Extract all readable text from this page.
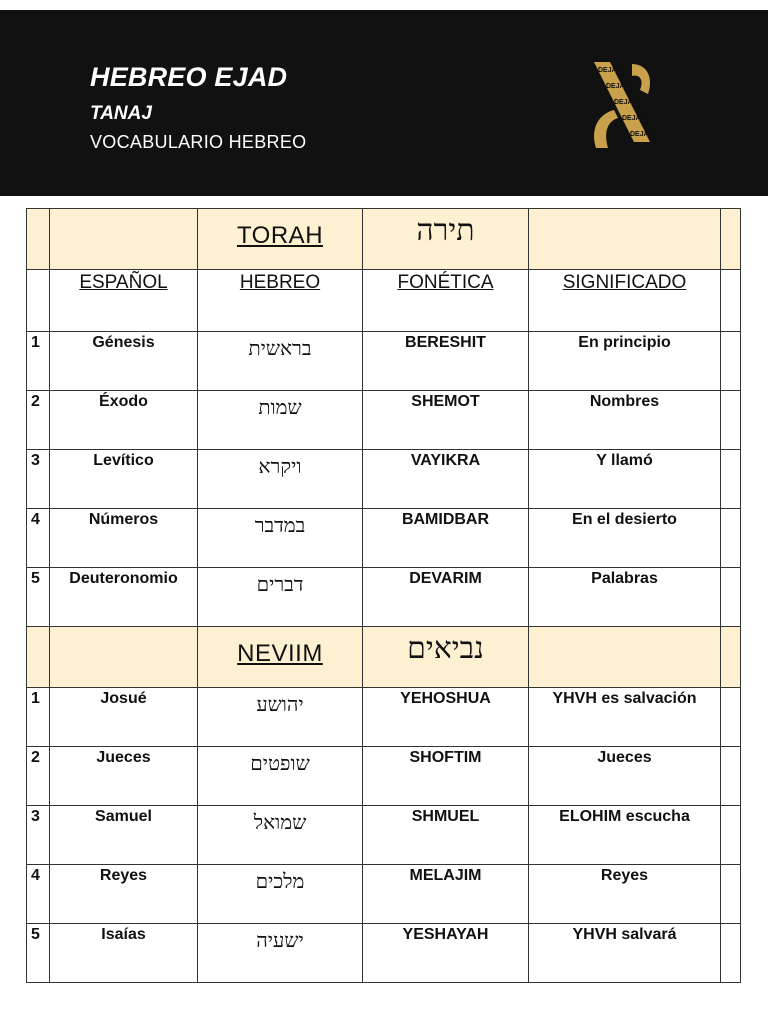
HEBREO EJAD
TANAJ
VOCABULARIO HEBREO
DEJAD
DEJAD
DEJAD
DEJAD
DEJAD
		TORAH	תירה		
	ESPAÑOL	HEBREO	FONÉTICA	SIGNIFICADO	
1	Génesis	בראשית	BERESHIT	En principio	
2	Éxodo	שמות	SHEMOT	Nombres	
3	Levítico	ויקרא	VAYIKRA	Y llamó	
4	Números	במדבר	BAMIDBAR	En el desierto	
5	Deuteronomio	דברים	DEVARIM	Palabras	
		NEVIIM	נביאים		
1	Josué	יהושע	YEHOSHUA	YHVH es salvación	
2	Jueces	שופטים	SHOFTIM	Jueces	
3	Samuel	שמואל	SHMUEL	ELOHIM escucha	
4	Reyes	מלכים	MELAJIM	Reyes	
5	Isaías	ישעיה	YESHAYAH	YHVH salvará	
